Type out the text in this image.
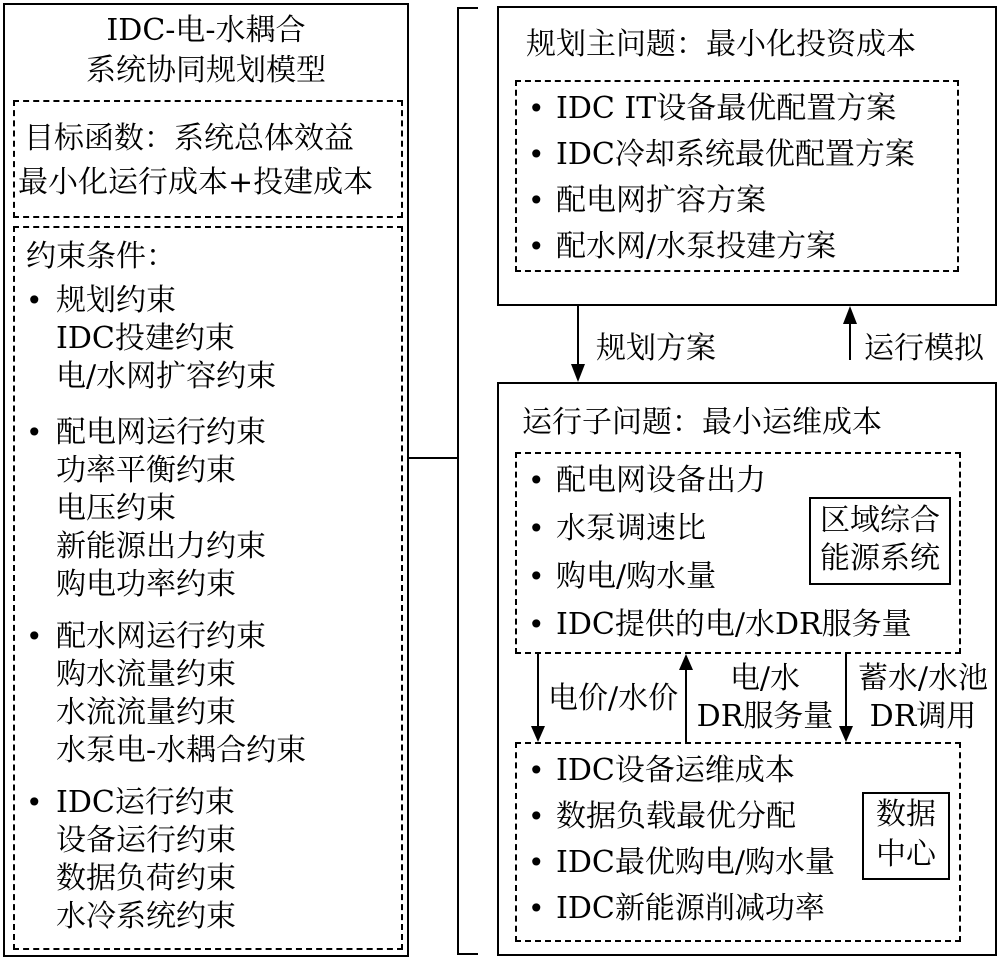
IDC-电-水耦合
系统协同规划模型
目标函数：系统总体效益
最小化运行成本+投建成本
约束条件：
• 规划约束
IDC投建约束
电/水网扩容约束
• 配电网运行约束
功率平衡约束
电压约束
新能源出力约束
购电功率约束
• 配水网运行约束
购水流量约束
水流流量约束
水泵电-水耦合约束
• IDC运行约束
设备运行约束
数据负荷约束
水冷系统约束
规划主问题：最小化投资成本
• IDC IT设备最优配置方案
• IDC冷却系统最优配置方案
• 配电网扩容方案
• 配水网/水泵投建方案
规划方案	运行模拟
运行子问题：最小运维成本
• 配电网设备出力
• 水泵调速比
• 购电/购水量
• IDC提供的电/水DR服务量
区域综合
能源系统
电价/水价
电/水
DR服务量
蓄水/水池
DR调用
• IDC设备运维成本
• 数据负载最优分配
• IDC最优购电/购水量
• IDC新能源削减功率
数据
中心
